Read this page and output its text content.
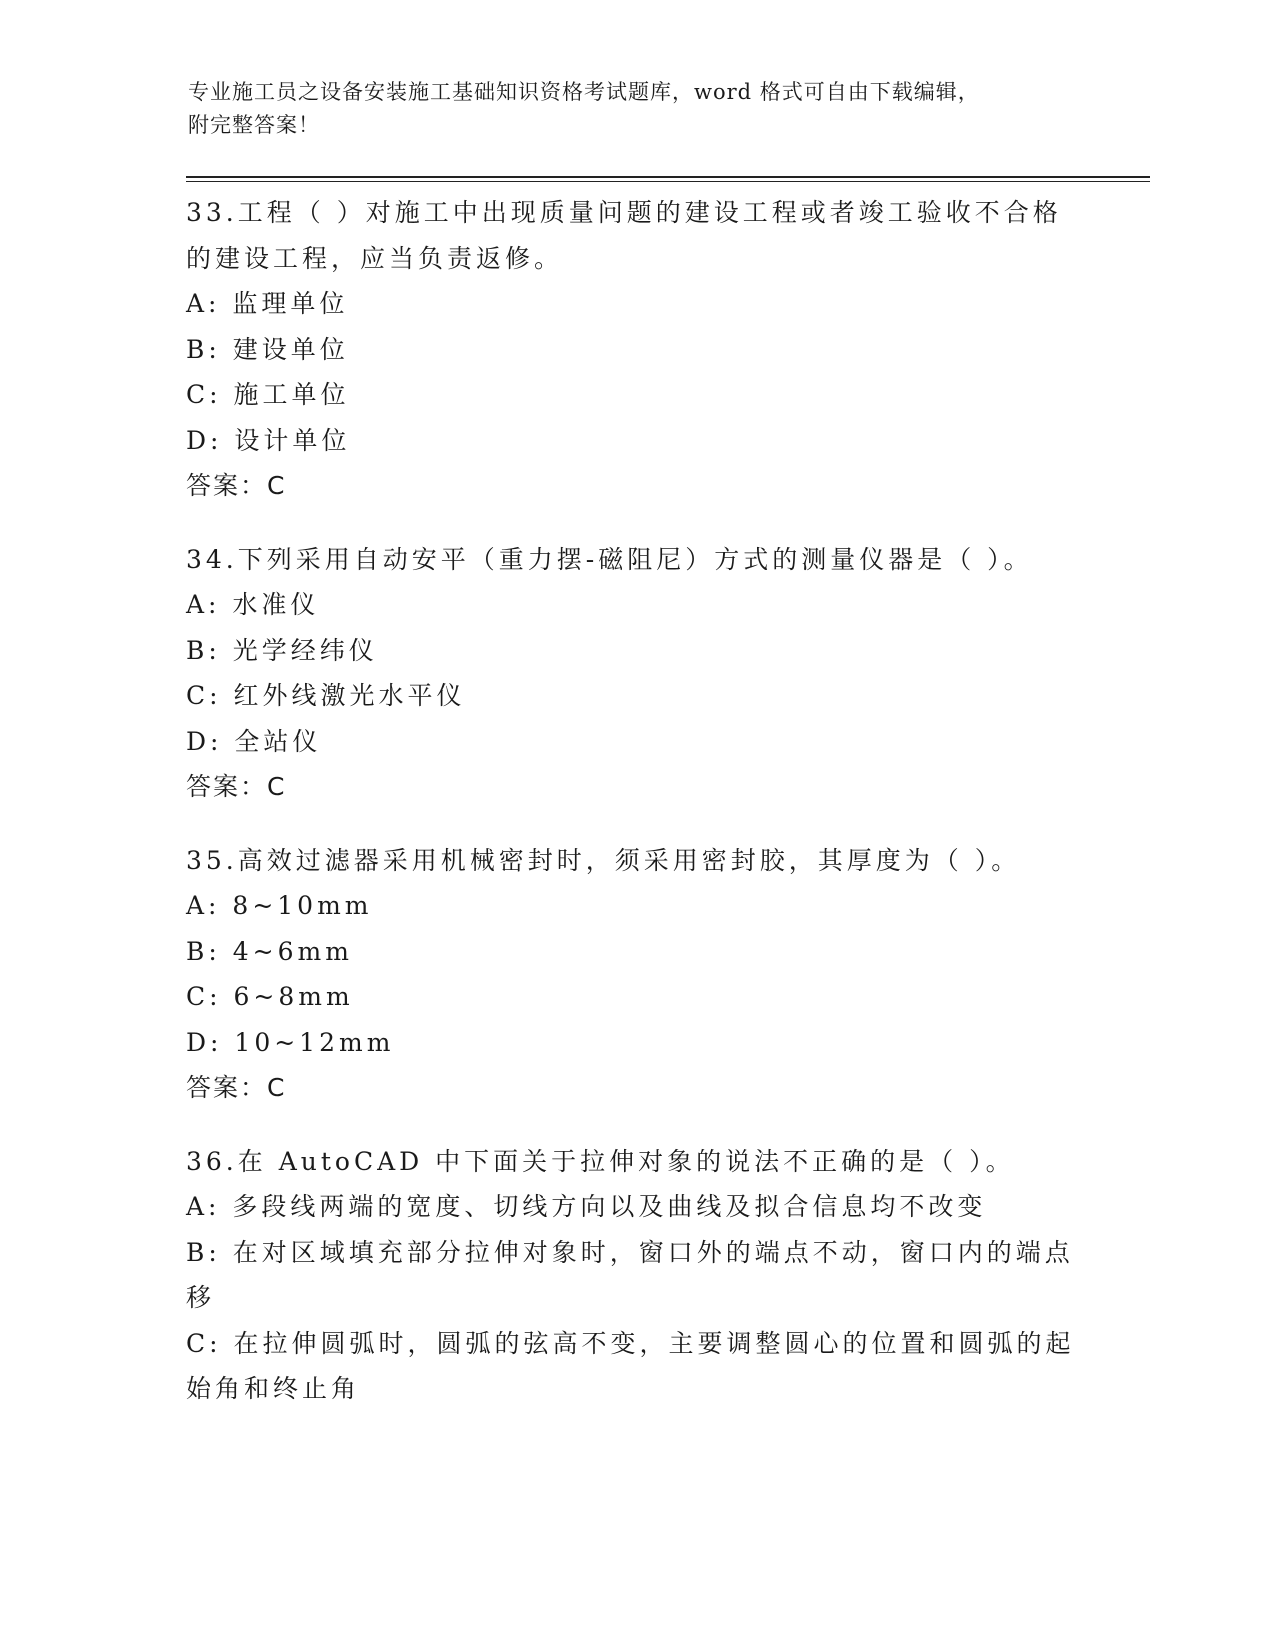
专业施工员之设备安装施工基础知识资格考试题库，word 格式可自由下载编辑，
附完整答案！
33.工程（ ）对施工中出现质量问题的建设工程或者竣工验收不合格
的建设工程，应当负责返修。
A: 监理单位
B: 建设单位
C: 施工单位
D: 设计单位
答案：C
34.下列采用自动安平（重力摆-磁阻尼）方式的测量仪器是（ ）。
A: 水准仪
B: 光学经纬仪
C: 红外线激光水平仪
D: 全站仪
答案：C
35.高效过滤器采用机械密封时，须采用密封胶，其厚度为（ ）。
A: 8~10mm
B: 4~6mm
C: 6~8mm
D: 10~12mm
答案：C
36.在 AutoCAD 中下面关于拉伸对象的说法不正确的是（ ）。
A: 多段线两端的宽度、切线方向以及曲线及拟合信息均不改变
B: 在对区域填充部分拉伸对象时，窗口外的端点不动，窗口内的端点
移
C: 在拉伸圆弧时，圆弧的弦高不变，主要调整圆心的位置和圆弧的起
始角和终止角
